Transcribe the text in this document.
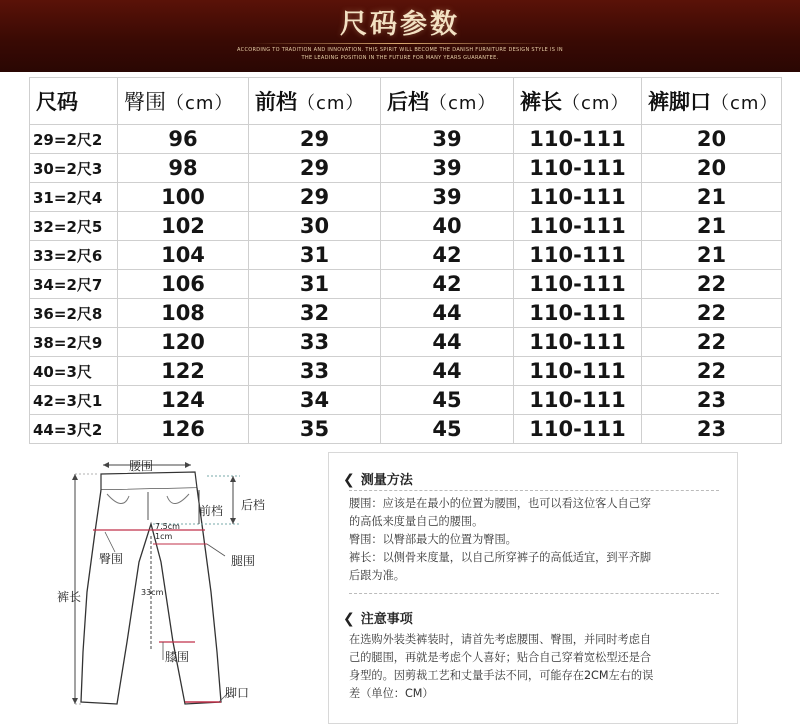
尺码参数
ACCORDING TO TRADITION AND INNOVATION. THIS SPIRIT WILL BECOME THE DANISH FURNITURE DESIGN STYLE IS IN
THE LEADING POSITION IN THE FUTURE FOR MANY YEARS GUARANTEE.
尺码	臀围（cm）	前档（cm）	后档（cm）	裤长（cm）	裤脚口（cm）
29=2尺2	96	29	39	110-111	20
30=2尺3	98	29	39	110-111	20
31=2尺4	100	29	39	110-111	21
32=2尺5	102	30	40	110-111	21
33=2尺6	104	31	42	110-111	21
34=2尺7	106	31	42	110-111	22
36=2尺8	108	32	44	110-111	22
38=2尺9	120	33	44	110-111	22
40=3尺	122	33	44	110-111	22
42=3尺1	124	34	45	110-111	23
44=3尺2	126	35	45	110-111	23
腰围
前档 后档
7.5cm
1cm
臀围	腿围
33cm
裤长
膝围
脚口
❮ 测量方法
腰围：应该是在最小的位置为腰围，也可以看这位客人自己穿
的高低来度量自己的腰围。
臀围：以臀部最大的位置为臀围。
裤长：以侧骨来度量，以自己所穿裤子的高低适宜，到平齐脚
后跟为准。
❮ 注意事项
在选购外装类裤装时，请首先考虑腰围、臀围，并同时考虑自
己的腿围，再就是考虑个人喜好；贴合自己穿着宽松型还是合
身型的。因剪裁工艺和丈量手法不同，可能存在2CM左右的误
差（单位：CM）
